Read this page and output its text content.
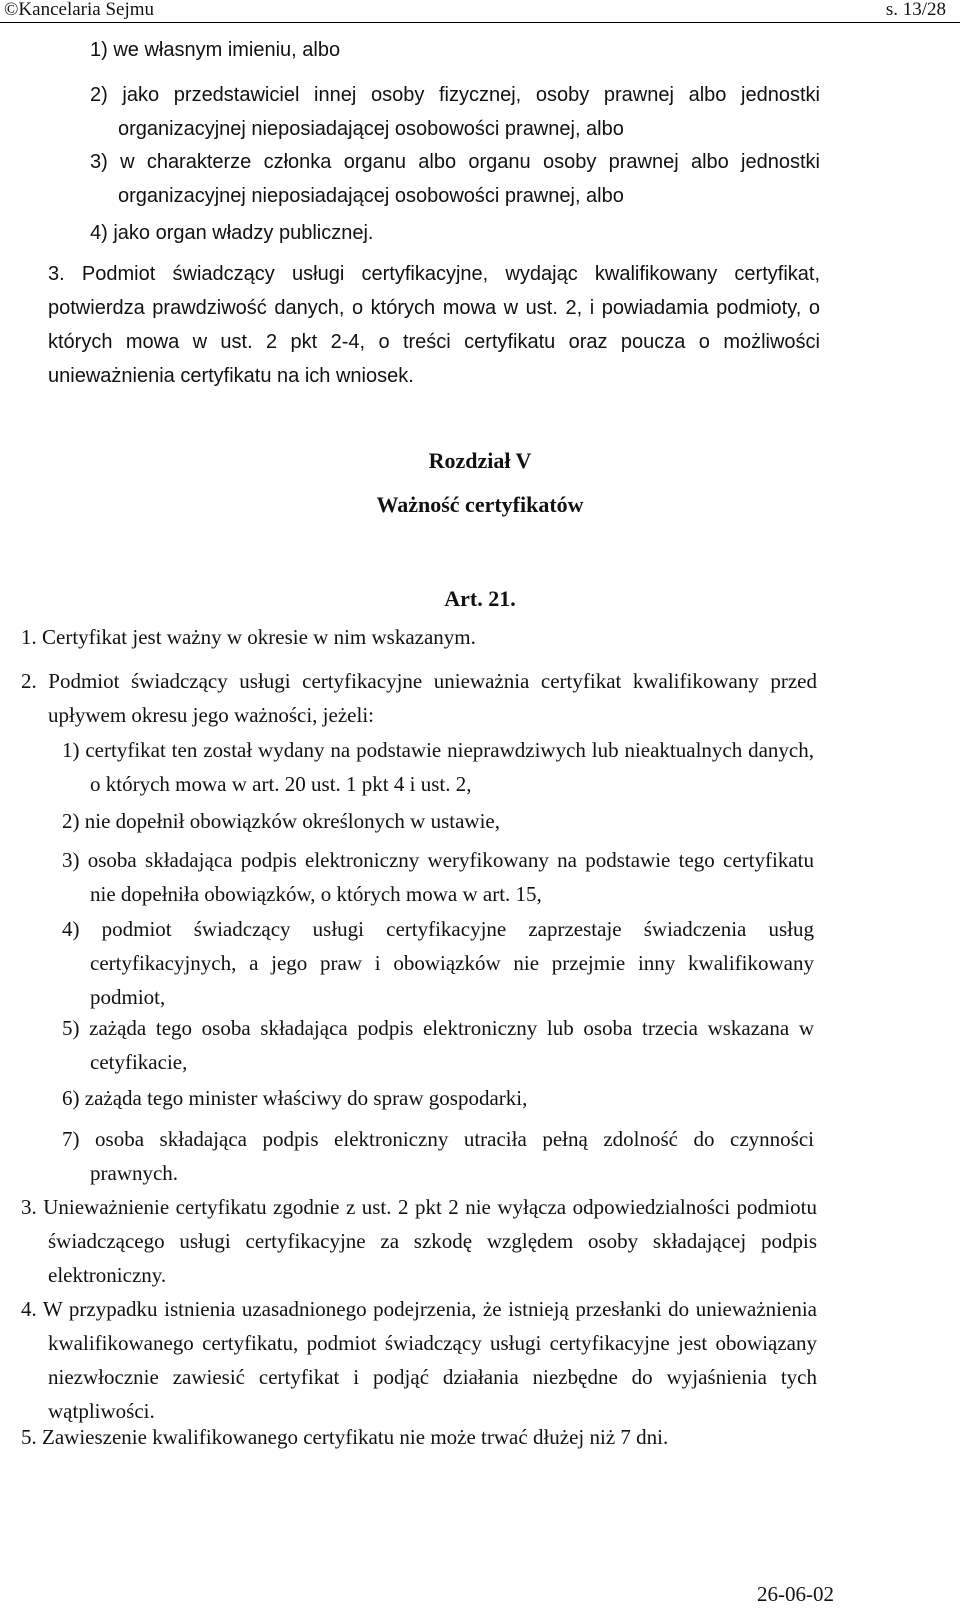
©Kancelaria Sejmu	s. 13/28

1) we własnym imieniu, albo

2) jako przedstawiciel innej osoby fizycznej, osoby prawnej albo jednostki organizacyjnej nieposiadającej osobowości prawnej, albo

3) w charakterze członka organu albo organu osoby prawnej albo jednostki organizacyjnej nieposiadającej osobowości prawnej, albo

4) jako organ władzy publicznej.

3. Podmiot świadczący usługi certyfikacyjne, wydając kwalifikowany certyfikat, potwierdza prawdziwość danych, o których mowa w ust. 2, i powiadamia podmioty, o których mowa w ust. 2 pkt 2-4, o treści certyfikatu oraz poucza o możliwości unieważnienia certyfikatu na ich wniosek.

Rozdział V
Ważność certyfikatów
Art. 21.

1. Certyfikat jest ważny w okresie w nim wskazanym.

2. Podmiot świadczący usługi certyfikacyjne unieważnia certyfikat kwalifikowany przed upływem okresu jego ważności, jeżeli:

1) certyfikat ten został wydany na podstawie nieprawdziwych lub nieaktualnych danych, o których mowa w art. 20 ust. 1 pkt 4 i ust. 2,

2) nie dopełnił obowiązków określonych w ustawie,

3) osoba składająca podpis elektroniczny weryfikowany na podstawie tego certyfikatu nie dopełniła obowiązków, o których mowa w art. 15,

4) podmiot świadczący usługi certyfikacyjne zaprzestaje świadczenia usług certyfikacyjnych, a jego praw i obowiązków nie przejmie inny kwalifikowany podmiot,

5) zażąda tego osoba składająca podpis elektroniczny lub osoba trzecia wskazana w cetyfikacie,

6) zażąda tego minister właściwy do spraw gospodarki,

7) osoba składająca podpis elektroniczny utraciła pełną zdolność do czynności prawnych.

3. Unieważnienie certyfikatu zgodnie z ust. 2 pkt 2 nie wyłącza odpowiedzialności podmiotu świadczącego usługi certyfikacyjne za szkodę względem osoby składającej podpis elektroniczny.

4. W przypadku istnienia uzasadnionego podejrzenia, że istnieją przesłanki do unieważnienia kwalifikowanego certyfikatu, podmiot świadczący usługi certyfikacyjne jest obowiązany niezwłocznie zawiesić certyfikat i podjąć działania niezbędne do wyjaśnienia tych wątpliwości.

5. Zawieszenie kwalifikowanego certyfikatu nie może trwać dłużej niż 7 dni.

26-06-02
